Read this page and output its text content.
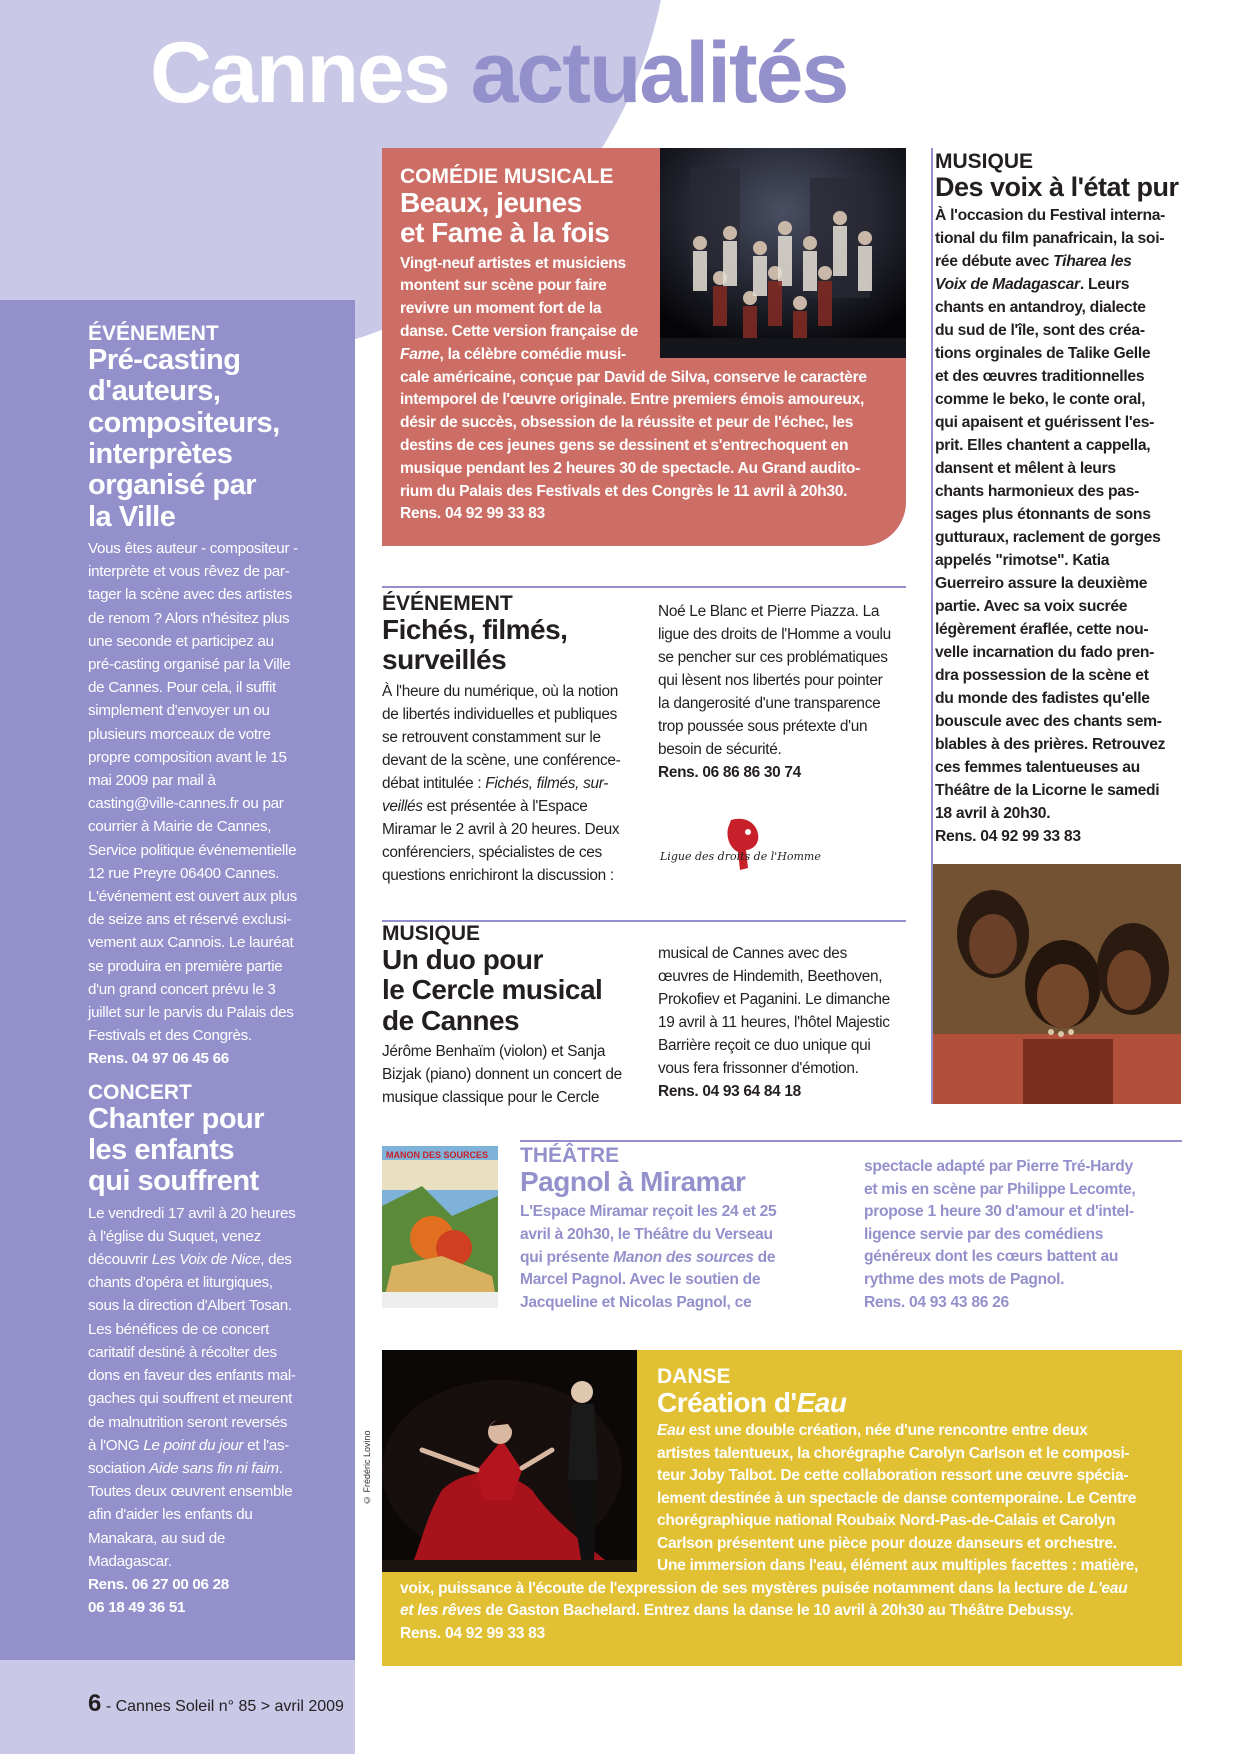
Cannes actualités
ÉVÉNEMENT
Pré-casting
d'auteurs,
compositeurs,
interprètes
organisé par
la Ville
Vous êtes auteur - compositeur -
interprète et vous rêvez de par-
tager la scène avec des artistes
de renom ? Alors n'hésitez plus
une seconde et participez au
pré-casting organisé par la Ville
de Cannes. Pour cela, il suffit
simplement d'envoyer un ou
plusieurs morceaux de votre
propre composition avant le 15
mai 2009 par mail à
casting@ville-cannes.fr ou par
courrier à Mairie de Cannes,
Service politique événementielle
12 rue Preyre 06400 Cannes.
L'événement est ouvert aux plus
de seize ans et réservé exclusi-
vement aux Cannois. Le lauréat
se produira en première partie
d'un grand concert prévu le 3
juillet sur le parvis du Palais des
Festivals et des Congrès.
Rens. 04 97 06 45 66
CONCERT
Chanter pour
les enfants
qui souffrent
Le vendredi 17 avril à 20 heures
à l'église du Suquet, venez
découvrir Les Voix de Nice, des
chants d'opéra et liturgiques,
sous la direction d'Albert Tosan.
Les bénéfices de ce concert
caritatif destiné à récolter des
dons en faveur des enfants mal-
gaches qui souffrent et meurent
de malnutrition seront reversés
à l'ONG Le point du jour et l'as-
sociation Aide sans fin ni faim.
Toutes deux œuvrent ensemble
afin d'aider les enfants du
Manakara, au sud de
Madagascar.
Rens. 06 27 00 06 28
06 18 49 36 51
COMÉDIE MUSICALE
Beaux, jeunes
et Fame à la fois
Vingt-neuf artistes et musiciens
montent sur scène pour faire
revivre un moment fort de la
danse. Cette version française de
Fame, la célèbre comédie musi-
cale américaine, conçue par David de Silva, conserve le caractère
intemporel de l'œuvre originale. Entre premiers émois amoureux,
désir de succès, obsession de la réussite et peur de l'échec, les
destins de ces jeunes gens se dessinent et s'entrechoquent en
musique pendant les 2 heures 30 de spectacle. Au Grand audito-
rium du Palais des Festivals et des Congrès le 11 avril à 20h30.
Rens. 04 92 99 33 83
ÉVÉNEMENT
Fichés, filmés,
surveillés
À l'heure du numérique, où la notion
de libertés individuelles et publiques
se retrouvent constamment sur le
devant de la scène, une conférence-
débat intitulée : Fichés, filmés, sur-
veillés est présentée à l'Espace
Miramar le 2 avril à 20 heures. Deux
conférenciers, spécialistes de ces
questions enrichiront la discussion :
Noé Le Blanc et Pierre Piazza. La
ligue des droits de l'Homme a voulu
se pencher sur ces problématiques
qui lèsent nos libertés pour pointer
la dangerosité d'une transparence
trop poussée sous prétexte d'un
besoin de sécurité.
Rens. 06 86 86 30 74
Ligue des droits de l'Homme
MUSIQUE
Un duo pour
le Cercle musical
de Cannes
Jérôme Benhaïm (violon) et Sanja
Bizjak (piano) donnent un concert de
musique classique pour le Cercle
musical de Cannes avec des
œuvres de Hindemith, Beethoven,
Prokofiev et Paganini. Le dimanche
19 avril à 11 heures, l'hôtel Majestic
Barrière reçoit ce duo unique qui
vous fera frissonner d'émotion.
Rens. 04 93 64 84 18
MUSIQUE
Des voix à l'état pur
À l'occasion du Festival interna-
tional du film panafricain, la soi-
rée débute avec Tiharea les
Voix de Madagascar. Leurs
chants en antandroy, dialecte
du sud de l'île, sont des créa-
tions orginales de Talike Gelle
et des œuvres traditionnelles
comme le beko, le conte oral,
qui apaisent et guérissent l'es-
prit. Elles chantent a cappella,
dansent et mêlent à leurs
chants harmonieux des pas-
sages plus étonnants de sons
gutturaux, raclement de gorges
appelés "rimotse". Katia
Guerreiro assure la deuxième
partie. Avec sa voix sucrée
légèrement éraflée, cette nou-
velle incarnation du fado pren-
dra possession de la scène et
du monde des fadistes qu'elle
bouscule avec des chants sem-
blables à des prières. Retrouvez
ces femmes talentueuses au
Théâtre de la Licorne le samedi
18 avril à 20h30.
Rens. 04 92 99 33 83
MANON DES SOURCES THÉÂTRE
Pagnol à Miramar
L'Espace Miramar reçoit les 24 et 25
avril à 20h30, le Théâtre du Verseau
qui présente Manon des sources de
Marcel Pagnol. Avec le soutien de
Jacqueline et Nicolas Pagnol, ce
spectacle adapté par Pierre Tré-Hardy
et mis en scène par Philippe Lecomte,
propose 1 heure 30 d'amour et d'intel-
ligence servie par des comédiens
généreux dont les cœurs battent au
rythme des mots de Pagnol.
Rens. 04 93 43 86 26
© Frédéric Lovino
DANSE
Création d'Eau
Eau est une double création, née d'une rencontre entre deux
artistes talentueux, la chorégraphe Carolyn Carlson et le composi-
teur Joby Talbot. De cette collaboration ressort une œuvre spécia-
lement destinée à un spectacle de danse contemporaine. Le Centre
chorégraphique national Roubaix Nord-Pas-de-Calais et Carolyn
Carlson présentent une pièce pour douze danseurs et orchestre.
Une immersion dans l'eau, élément aux multiples facettes : matière,
voix, puissance à l'écoute de l'expression de ses mystères puisée notamment dans la lecture de L'eau
et les rêves de Gaston Bachelard. Entrez dans la danse le 10 avril à 20h30 au Théâtre Debussy.
Rens. 04 92 99 33 83
6 - Cannes Soleil n° 85 > avril 2009
